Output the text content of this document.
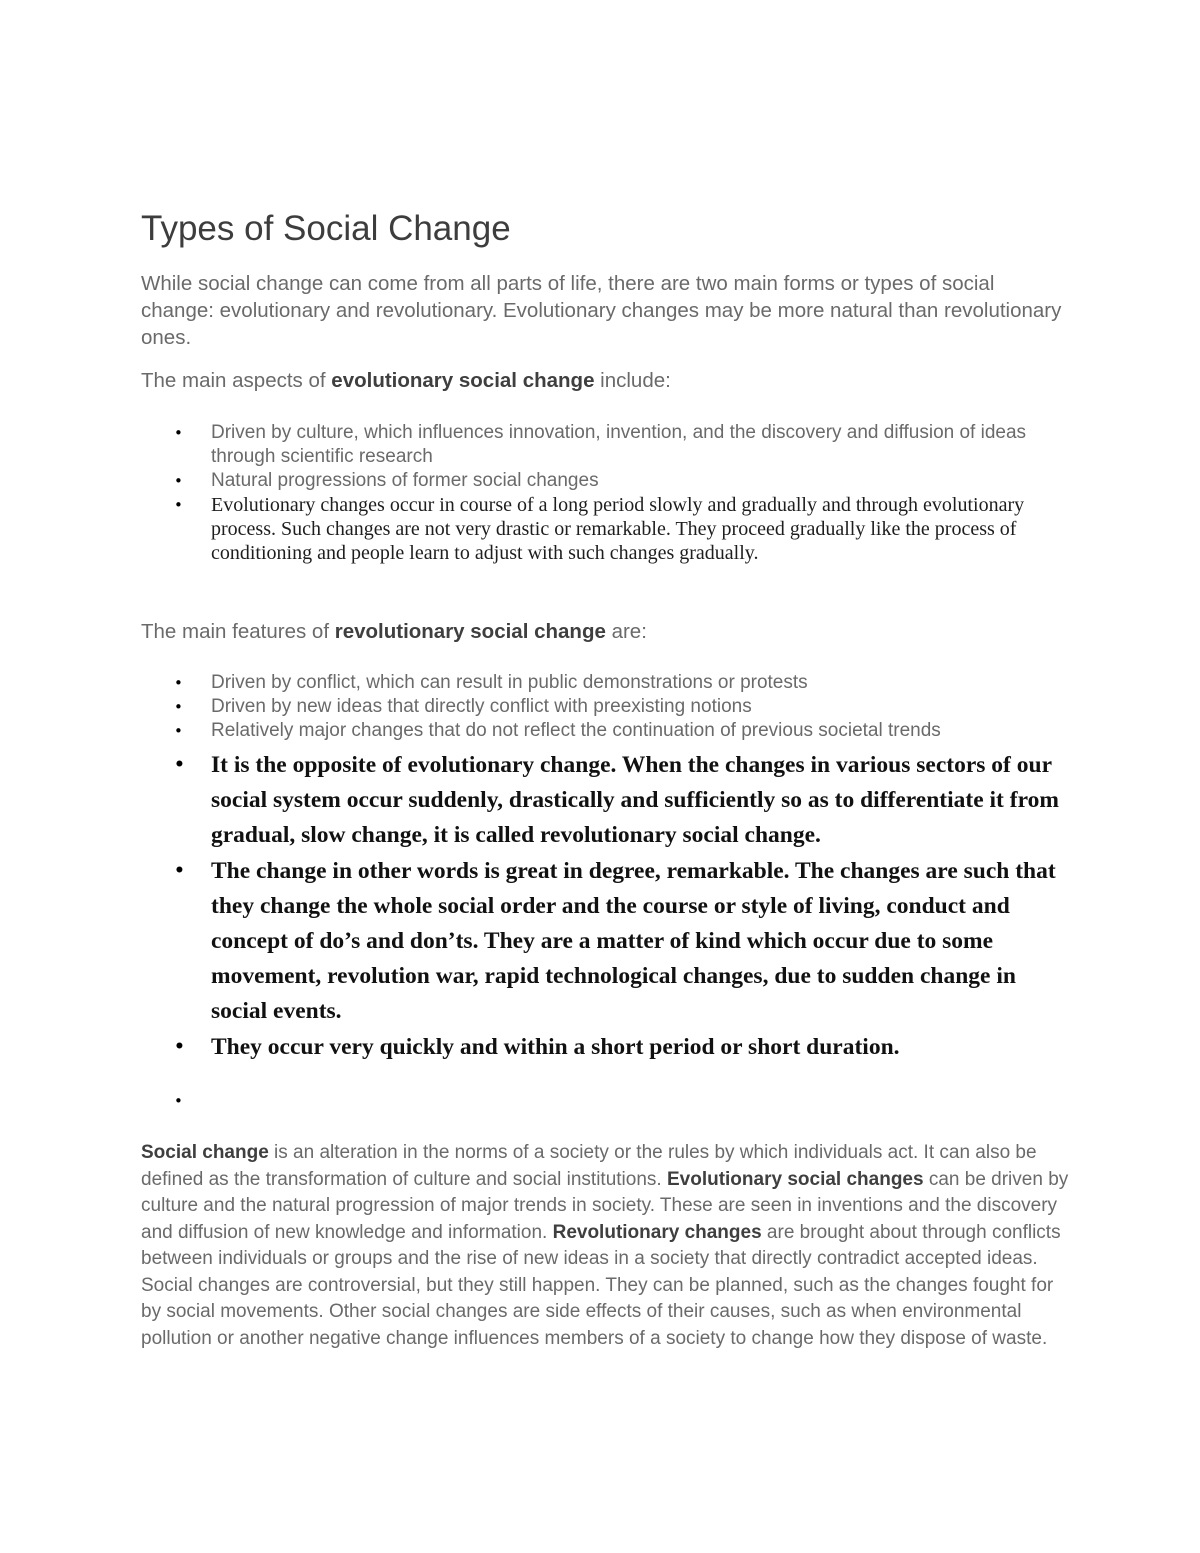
Types of Social Change

While social change can come from all parts of life, there are two main forms or types of social change: evolutionary and revolutionary. Evolutionary changes may be more natural than revolutionary ones.

The main aspects of evolutionary social change include:

• Driven by culture, which influences innovation, invention, and the discovery and diffusion of ideas through scientific research
• Natural progressions of former social changes
• Evolutionary changes occur in course of a long period slowly and gradually and through evolutionary process. Such changes are not very drastic or remarkable. They proceed gradually like the process of conditioning and people learn to adjust with such changes gradually.

The main features of revolutionary social change are:

• Driven by conflict, which can result in public demonstrations or protests
• Driven by new ideas that directly conflict with preexisting notions
• Relatively major changes that do not reflect the continuation of previous societal trends
• It is the opposite of evolutionary change. When the changes in various sectors of our social system occur suddenly, drastically and sufficiently so as to differentiate it from gradual, slow change, it is called revolutionary social change.
• The change in other words is great in degree, remarkable. The changes are such that they change the whole social order and the course or style of living, conduct and concept of do’s and don’ts. They are a matter of kind which occur due to some movement, revolution war, rapid technological changes, due to sudden change in social events.
• They occur very quickly and within a short period or short duration.
•

Social change is an alteration in the norms of a society or the rules by which individuals act. It can also be defined as the transformation of culture and social institutions. Evolutionary social changes can be driven by culture and the natural progression of major trends in society. These are seen in inventions and the discovery and diffusion of new knowledge and information. Revolutionary changes are brought about through conflicts between individuals or groups and the rise of new ideas in a society that directly contradict accepted ideas. Social changes are controversial, but they still happen. They can be planned, such as the changes fought for by social movements. Other social changes are side effects of their causes, such as when environmental pollution or another negative change influences members of a society to change how they dispose of waste.
